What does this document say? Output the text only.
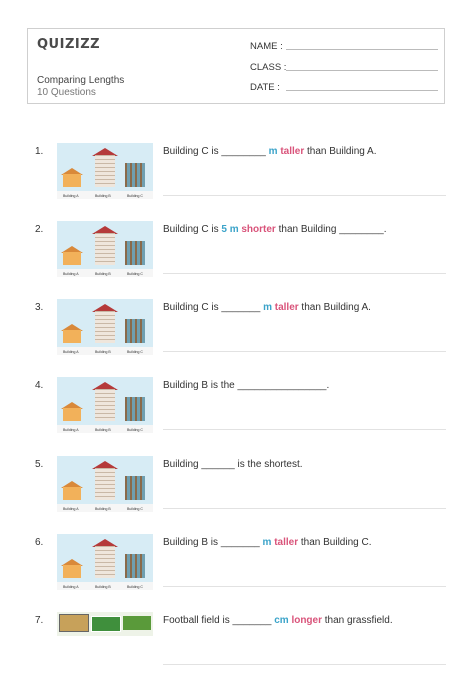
QUIZIZZ
Comparing Lengths
10 Questions
NAME :
CLASS :
DATE :
1.
Building A	Building B	Building C
Building C is ________ m taller than Building A.
2.
Building A	Building B	Building C
Building C is 5 m shorter than Building ________.
3.
Building A	Building B	Building C
Building C is _______ m taller than Building A.
4.
Building A	Building B	Building C
Building B is the ________________.
5.
Building A	Building B	Building C
Building ______ is the shortest.
6.
Building A	Building B	Building C
Building B is _______ m taller than Building C.
7.	Football field is _______ cm longer than grassfield.
